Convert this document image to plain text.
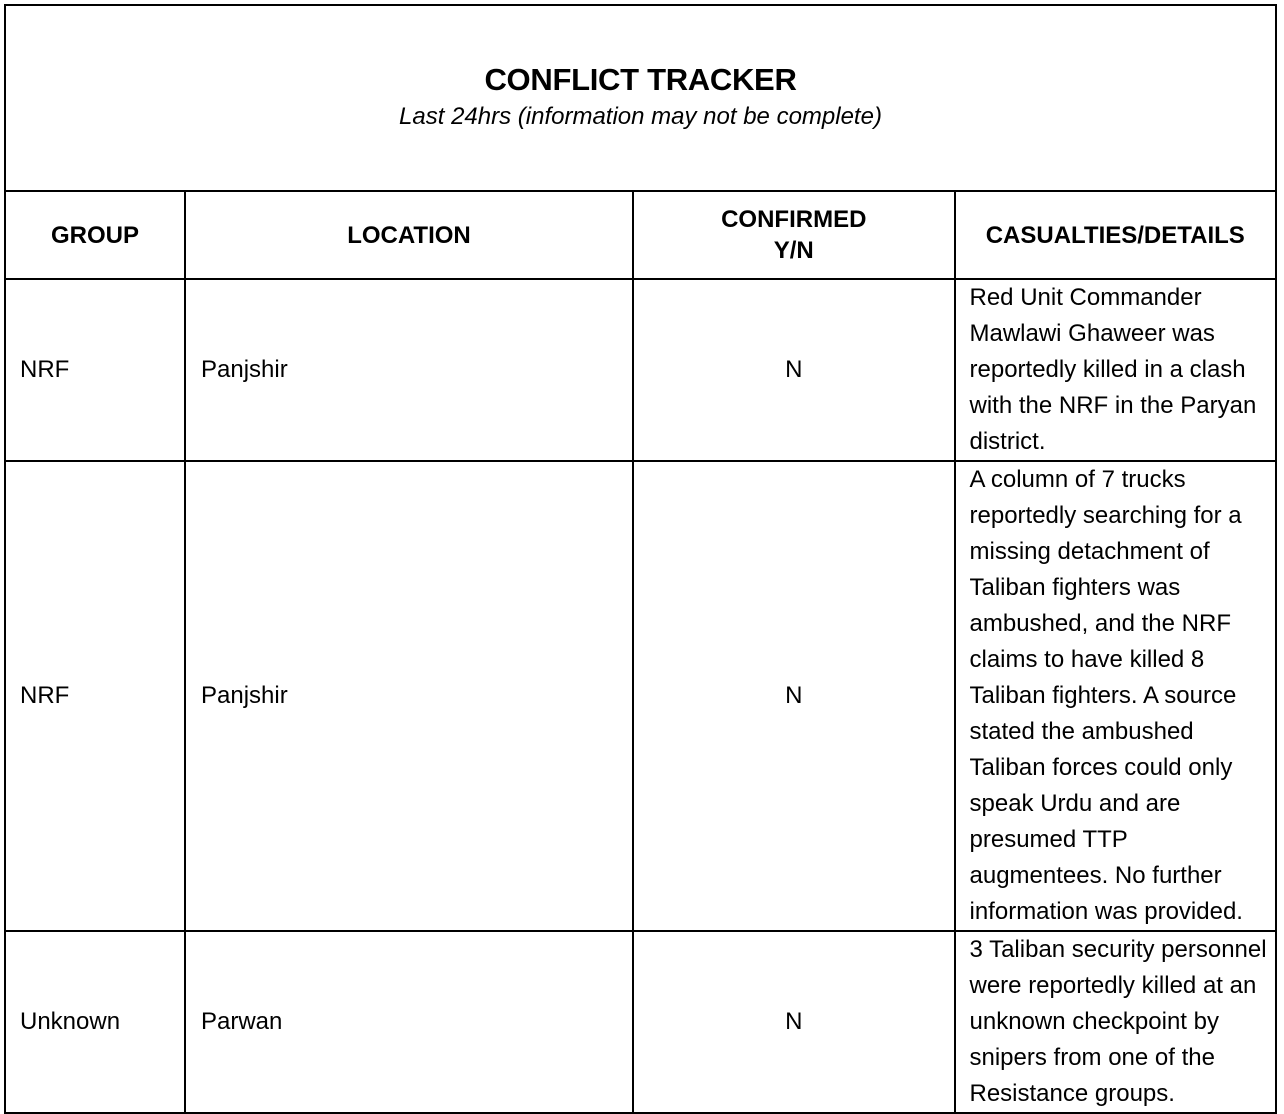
CONFLICT TRACKER
Last 24hrs (information may not be complete)			

GROUP	LOCATION	CONFIRMED Y/N	CASUALTIES/DETAILS
NRF	Panjshir	N	Red Unit Commander Mawlawi Ghaweer was reportedly killed in a clash with the NRF in the Paryan district.
NRF	Panjshir	N	A column of 7 trucks reportedly searching for a missing detachment of Taliban fighters was ambushed, and the NRF claims to have killed 8 Taliban fighters. A source stated the ambushed Taliban forces could only speak Urdu and are presumed TTP augmentees. No further information was provided.
Unknown	Parwan	N	3 Taliban security personnel were reportedly killed at an unknown checkpoint by snipers from one of the Resistance groups.
